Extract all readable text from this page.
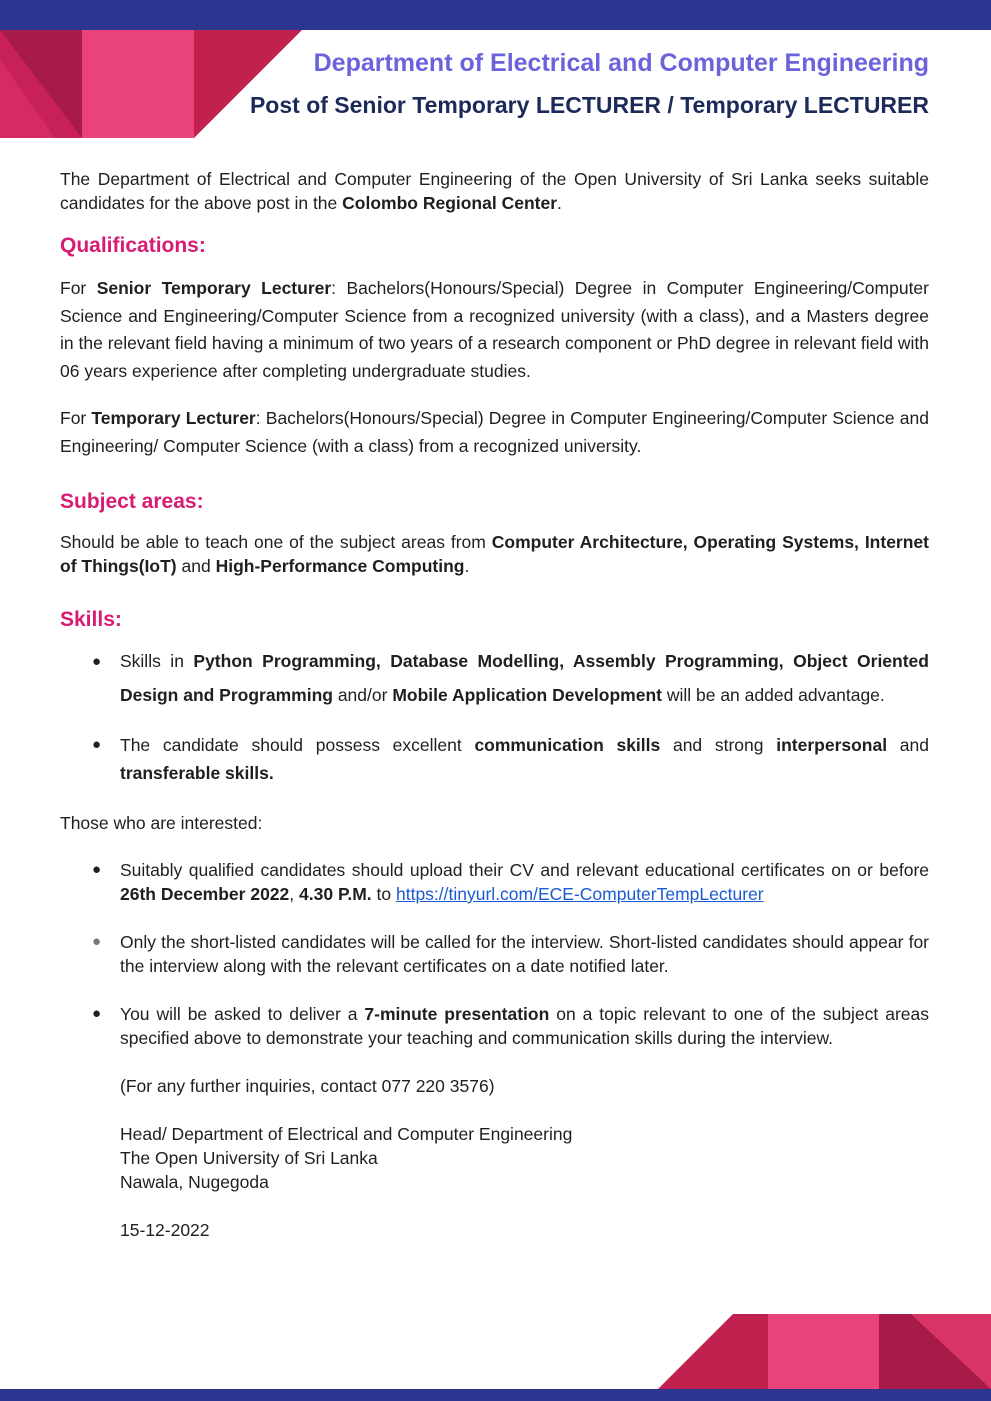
Department of Electrical and Computer Engineering
Post of Senior Temporary LECTURER / Temporary LECTURER

The Department of Electrical and Computer Engineering of the Open University of Sri Lanka seeks suitable candidates for the above post in the Colombo Regional Center.

Qualifications:

For Senior Temporary Lecturer: Bachelors(Honours/Special) Degree in Computer Engineering/Computer Science and Engineering/Computer Science from a recognized university (with a class), and a Masters degree in the relevant field having a minimum of two years of a research component or PhD degree in relevant field with 06 years experience after completing undergraduate studies.

For Temporary Lecturer: Bachelors(Honours/Special) Degree in Computer Engineering/Computer Science and Engineering/ Computer Science (with a class) from a recognized university.

Subject areas:

Should be able to teach one of the subject areas from Computer Architecture, Operating Systems, Internet of Things(IoT) and High-Performance Computing.

Skills:
● Skills in Python Programming, Database Modelling, Assembly Programming, Object Oriented Design and Programming and/or Mobile Application Development will be an added advantage.
● The candidate should possess excellent communication skills and strong interpersonal and transferable skills.

Those who are interested:

● Suitably qualified candidates should upload their CV and relevant educational certificates on or before 26th December 2022, 4.30 P.M. to https://tinyurl.com/ECE-ComputerTempLecturer
● Only the short-listed candidates will be called for the interview. Short-listed candidates should appear for the interview along with the relevant certificates on a date notified later.
● You will be asked to deliver a 7-minute presentation on a topic relevant to one of the subject areas specified above to demonstrate your teaching and communication skills during the interview.

(For any further inquiries, contact 077 220 3576)

Head/ Department of Electrical and Computer Engineering
The Open University of Sri Lanka
Nawala, Nugegoda

15-12-2022
